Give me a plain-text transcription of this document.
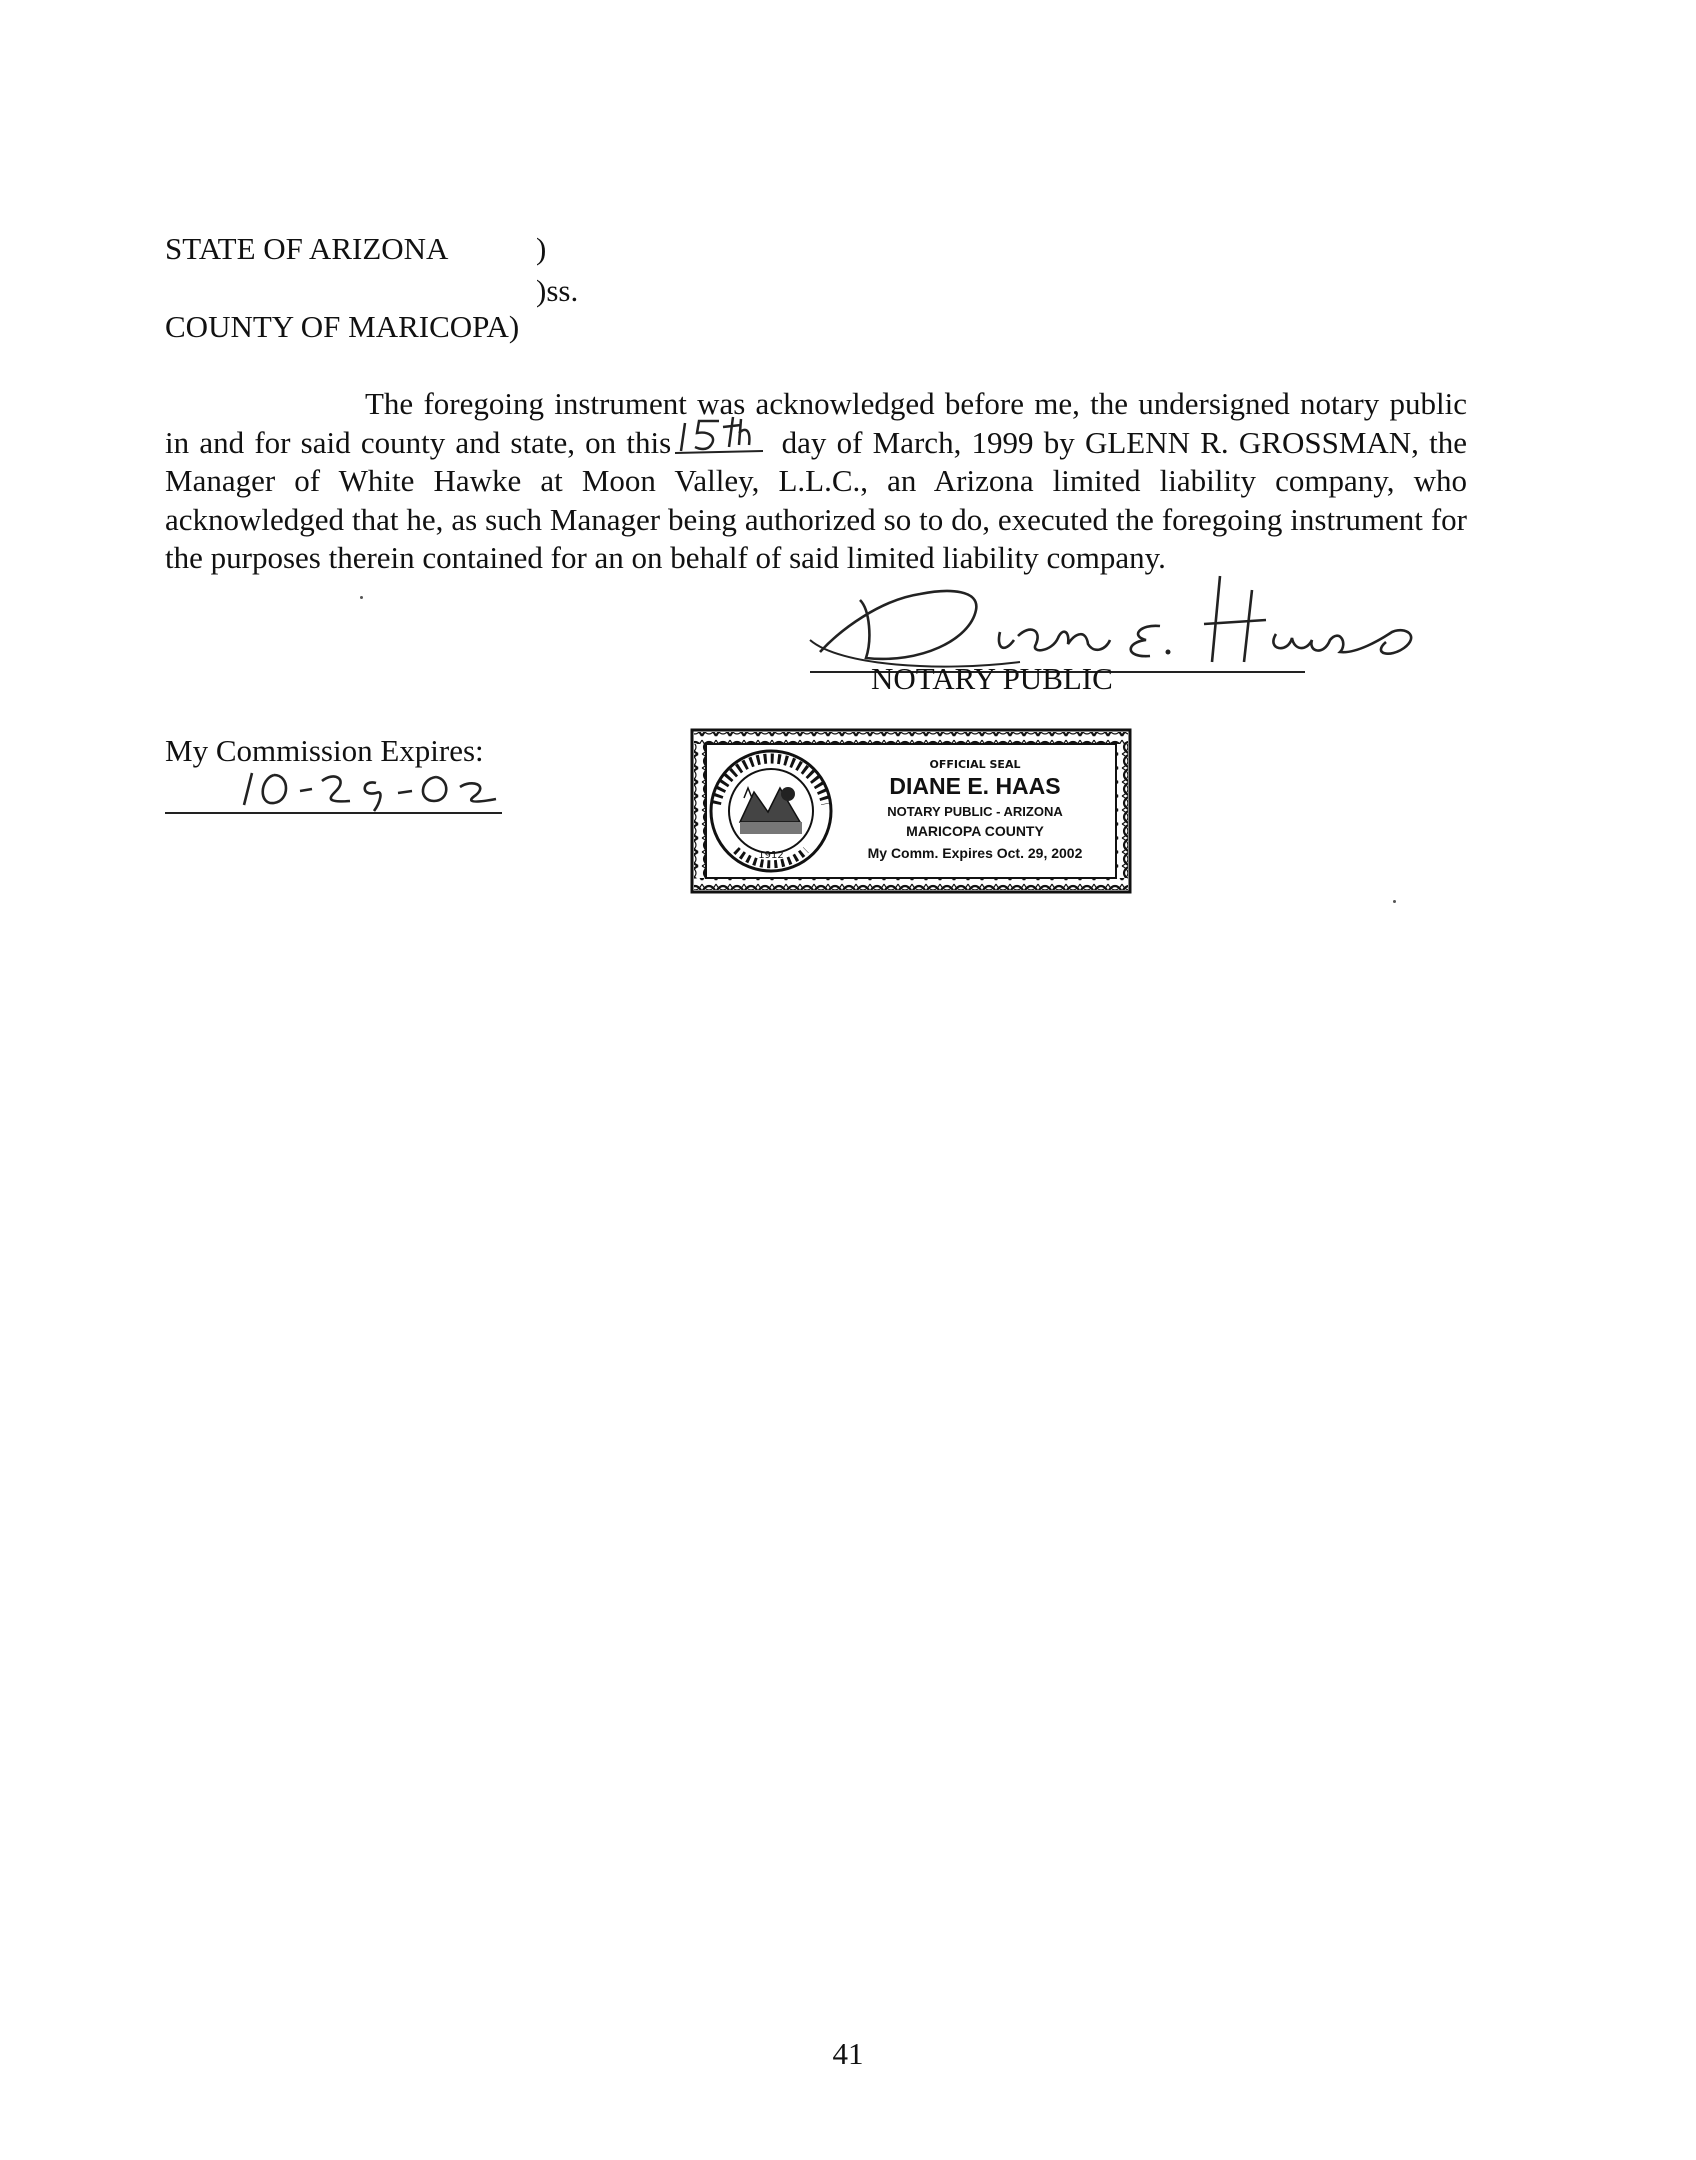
STATE OF ARIZONA	)
)ss.
COUNTY OF MARICOPA)
The foregoing instrument was acknowledged before me, the undersigned notary public in and for said county and state, on this	day of March, 1999 by GLENN R. GROSSMAN, the Manager of White Hawke at Moon Valley, L.L.C., an Arizona limited liability company, who acknowledged that he, as such Manager being authorized so to do, executed the foregoing instrument for the purposes therein contained for an on behalf of said limited liability company.
NOTARY PUBLIC
My Commission Expires:
1912
OFFICIAL SEAL
DIANE E. HAAS
NOTARY PUBLIC - ARIZONA
MARICOPA COUNTY
My Comm. Expires Oct. 29, 2002
41
